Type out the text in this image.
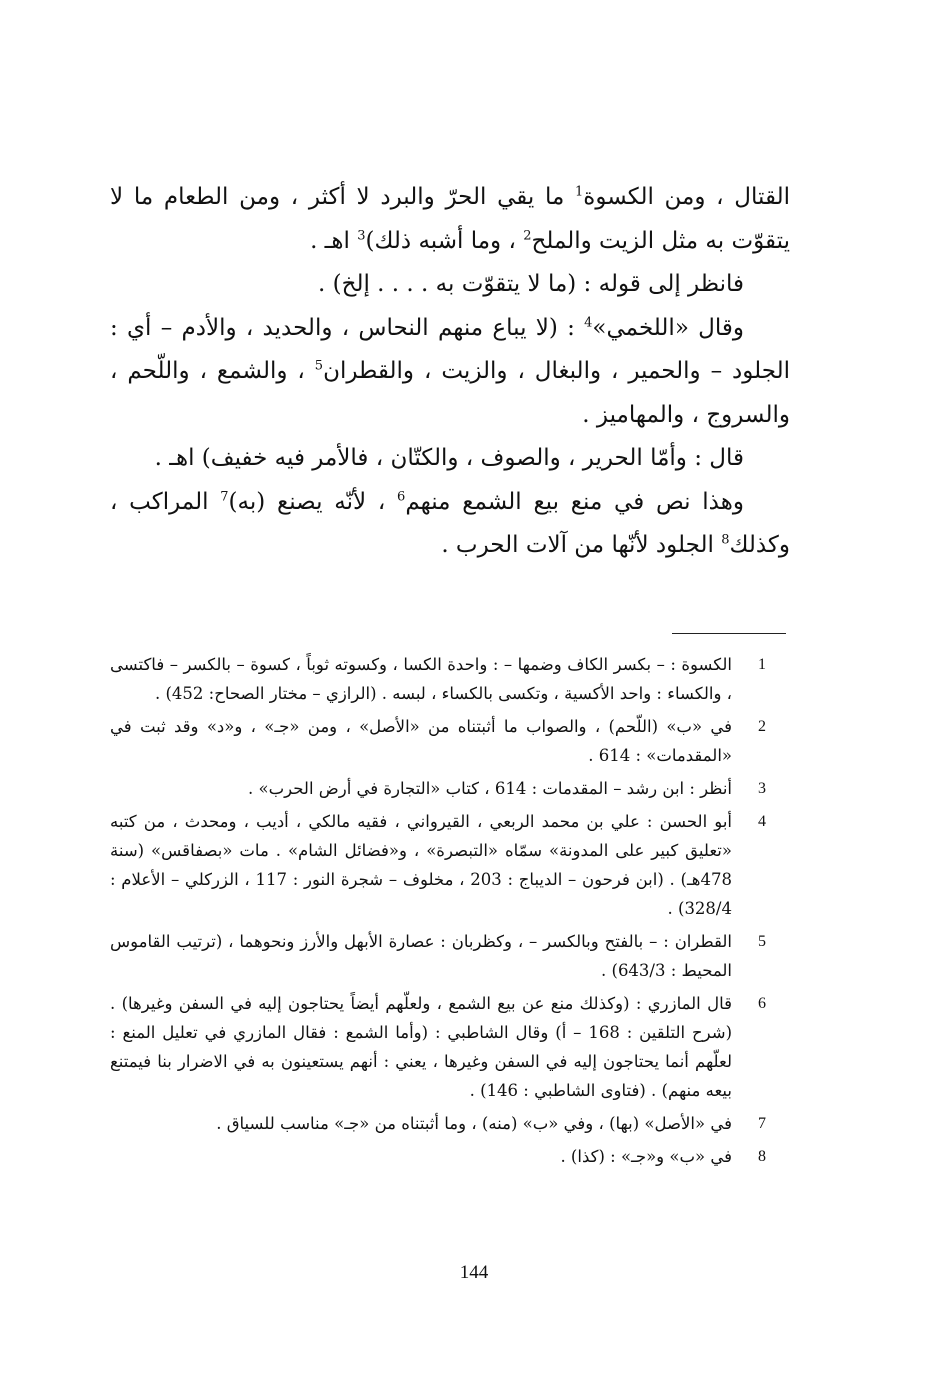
القتال ، ومن الكسوة$^1$ ما يقي الحرّ والبرد لا أكثر ، ومن الطعام ما لا يتقوّت به مثل الزيت والملح$^2$ ، وما أشبه ذلك)$^3$ اهـ .

فانظر إلى قوله : (ما لا يتقوّت به . . . . إلخ) .

وقال «اللخمي»$^4$ : (لا يباع منهم النحاس ، والحديد ، والأدم – أي : الجلود – والحمير ، والبغال ، والزيت ، والقطران$^5$ ، والشمع ، واللّحم ، والسروج ، والمهاميز .

قال : وأمّا الحرير ، والصوف ، والكتّان ، فالأمر فيه خفيف) اهـ .

وهذا نص في منع بيع الشمع منهم$^6$ ، لأنّه يصنع (به)$^7$ المراكب ، وكذلك$^8$ الجلود لأنّها من آلات الحرب .

1
الكسوة : – بكسر الكاف وضمها – : واحدة الكسا ، وكسوته ثوباً ، كسوة – بالكسر – فاكتسى ، والكساء : واحد الأكسية ، وتكسى بالكساء ، لبسه . (الرازي – مختار الصحاح: 452) .
2
في «ب» (اللّحم) ، والصواب ما أثبتناه من «الأصل» ، ومن «جـ» ، و«د» وقد ثبت في «المقدمات» : 614 .
3
أنظر : ابن رشد – المقدمات : 614 ، كتاب «التجارة في أرض الحرب» .
4
أبو الحسن : علي بن محمد الربعي ، القيرواني ، فقيه مالكي ، أديب ، ومحدث ، من كتبه «تعليق كبير على المدونة» سمّاه «التبصرة» ، و«فضائل الشام» . مات «بصفاقس» (سنة 478هـ) . (ابن فرحون – الديباج : 203 ، مخلوف – شجرة النور : 117 ، الزركلي – الأعلام : 328/4) .
5
القطران : – بالفتح وبالكسر – ، وكظربان : عصارة الأبهل والأرز ونحوهما ، (ترتيب القاموس المحيط : 643/3) .
6
قال المازري : (وكذلك منع عن بيع الشمع ، ولعلّهم أيضاً يحتاجون إليه في السفن وغيرها) . (شرح التلقين : 168 – أ) وقال الشاطبي : (وأما الشمع : فقال المازري في تعليل المنع : لعلّهم أنما يحتاجون إليه في السفن وغيرها ، يعني : أنهم يستعينون به في الاضرار بنا فيمتنع بيعه منهم) . (فتاوى الشاطبي : 146) .
7
في «الأصل» (بها) ، وفي «ب» (منه) ، وما أثبتناه من «جـ» مناسب للسياق .
8
في «ب» و«جـ» : (كذا) .
144
